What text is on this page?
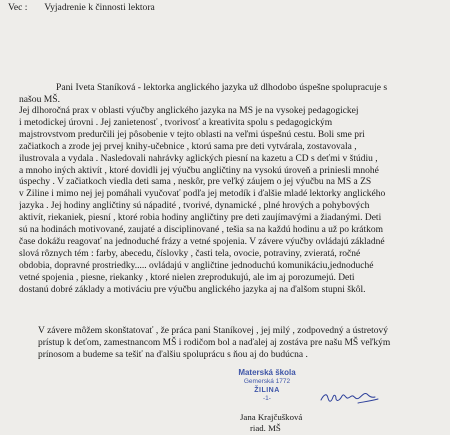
Vec : Vyjadrenie k činnosti lektora
Pani Iveta Staníková - lektorka anglického jazyka už dlhodobo úspešne spolupracuje s
našou MŠ.
Jej dlhoročná prax v oblasti výučby anglického jazyka na MŠ je na vysokej pedagogickej
i metodickej úrovni . Jej zanietenosť , tvorivosť a kreativita spolu s pedagogickým
majstrovstvom predurčili jej pôsobenie v tejto oblasti na veľmi úspešnú cestu. Boli sme pri
začiatkoch a zrode jej prvej knihy-učebnice , ktorú sama pre deti vytvárala, zostavovala ,
ilustrovala a vydala . Nasledovali nahrávky aglických piesní na kazetu a CD s deťmi v štúdiu ,
a mnoho iných aktivít , ktoré dovidli jej výučbu angličtiny na vysokú úroveň a priniesli mnohé
úspechy . V začiatkoch viedla deti sama , neskôr, pre veľký záujem o jej výučbu na MŠ a ZŠ
v Žiline i mimo nej jej pomáhali vyučovať podľa jej metodík i ďalšie mladé lektorky anglického
jazyka . Jej hodiny angličtiny sú nápadité , tvorivé, dynamické , plné hrových a pohybových
aktivít, riekaniek, piesní , ktoré robia hodiny angličtiny pre deti zaujímavými a žiadanými. Deti
sú na hodinách motivované, zaujaté a disciplinované , tešia sa na každú hodinu a už po krátkom
čase dokážu reagovať na jednoduché frázy a vetné spojenia. V závere výučby ovládajú základné
slová rôznych tém : farby, abecedu, číslovky , časti tela, ovocie, potraviny, zvieratá, ročné
obdobia, dopravné prostriedky..... ovládajú v angličtine jednoduchú komunikáciu,jednoduché
vetné spojenia , piesne, riekanky , ktoré nielen zreprodukujú, ale im aj porozumejú. Deti
dostanú dobré základy a motiváciu pre výučbu anglického jazyka aj na ďalšom stupni škôl.
V závere môžem skonštatovať , že práca pani Staníkovej , jej milý , zodpovedný a ústretový
prístup k deťom, zamestnancom MŠ i rodičom bol a naďalej aj zostáva pre našu MŠ veľkým
prínosom a budeme sa tešiť na ďalšiu spoluprácu s ňou aj do budúcna .
Materská škola
Gemerská 1772
ŽILINA
-1-
Jana Krajčušková
riad. MŠ
